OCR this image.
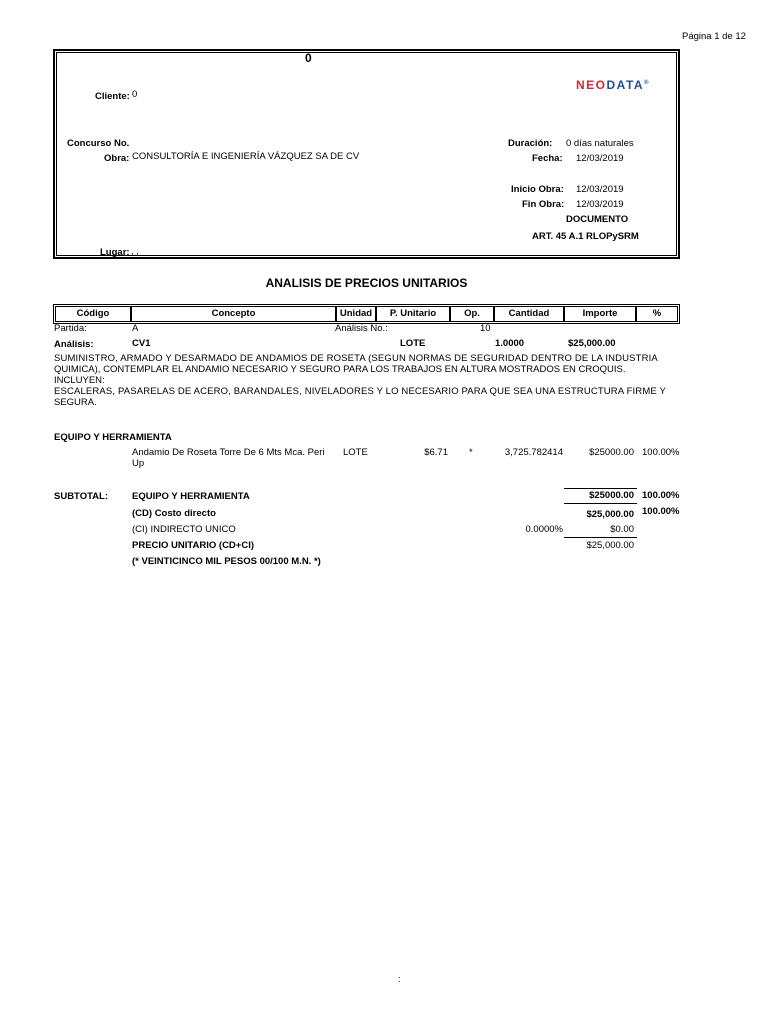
Página 1 de 12
0
NEODATA®
Cliente: 0
Concurso No.
Obra: CONSULTORÍA E INGENIERÍA VÁZQUEZ SA DE CV
Duración: 0 días naturales
Fecha: 12/03/2019
Inicio Obra: 12/03/2019
Fin Obra: 12/03/2019
DOCUMENTO
ART. 45 A.1 RLOPySRM
Lugar: , ,
ANALISIS DE PRECIOS UNITARIOS
Código	Concepto	Unidad	P. Unitario	Op.	Cantidad	Importe	%
Partida:	A	Análisis No.:	10
Análisis:	CV1	LOTE	1.0000	$25,000.00
SUMINISTRO, ARMADO Y DESARMADO DE ANDAMIOS DE ROSETA (SEGUN NORMAS DE SEGURIDAD DENTRO DE LA INDUSTRIA
QUIMICA), CONTEMPLAR EL ANDAMIO NECESARIO Y SEGURO PARA LOS TRABAJOS EN ALTURA MOSTRADOS EN CROQUIS.
INCLUYEN:
ESCALERAS, PASARELAS DE ACERO, BARANDALES, NIVELADORES Y LO NECESARIO PARA QUE SEA UNA ESTRUCTURA FIRME Y
SEGURA.
EQUIPO Y HERRAMIENTA
Andamio De Roseta Torre De 6 Mts Mca. Peri
Up
LOTE	$6.71 *	3,725.782414	$25000.00 100.00%
SUBTOTAL:	EQUIPO Y HERRAMIENTA	$25000.00 100.00%
(CD) Costo directo	$25,000.00 100.00%
(CI) INDIRECTO UNICO	0.0000%	$0.00
PRECIO UNITARIO (CD+CI)	$25,000.00
(* VEINTICINCO MIL PESOS 00/100 M.N. *)
:
